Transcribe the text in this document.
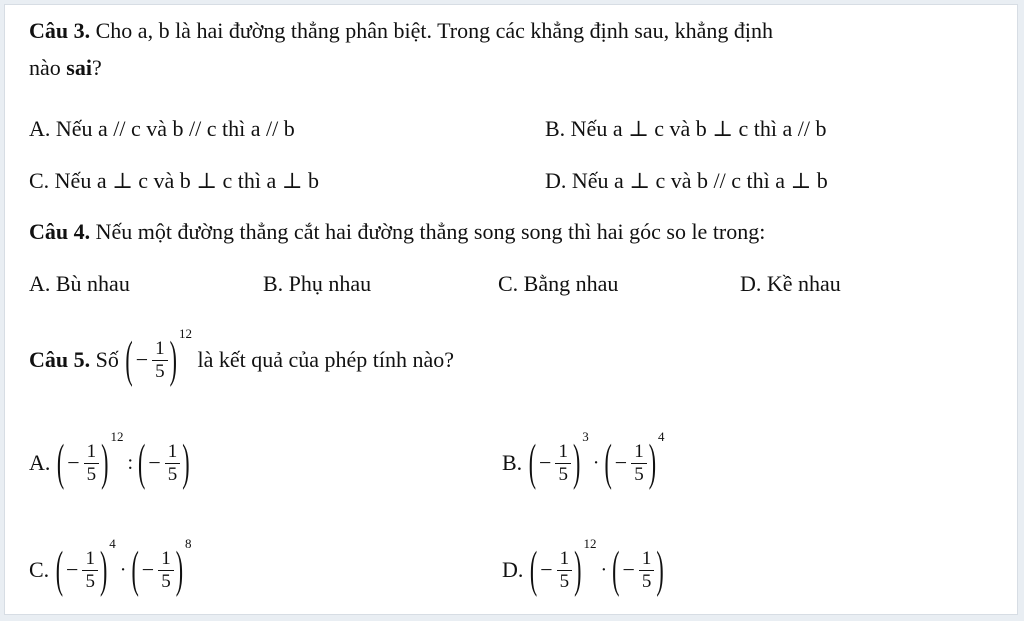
Câu 3. Cho a, b là hai đường thẳng phân biệt. Trong các khẳng định sau, khẳng định
nào sai?
A. Nếu a // c và b // c thì a // b	B. Nếu a ⊥ c và b ⊥ c thì a // b
C. Nếu a ⊥ c và b ⊥ c thì a ⊥ b	D. Nếu a ⊥ c và b // c thì a ⊥ b
Câu 4. Nếu một đường thẳng cắt hai đường thẳng song song thì hai góc so le trong:
A. Bù nhau	B. Phụ nhau	C. Bằng nhau	D. Kề nhau
Câu 5.
Số
( − $\frac{1}{5}$ ) 12

là kết quả của phép tính nào?
A.
( − $\frac{1}{5}$ ) 12
: ( − $\frac{1}{5}$ )	B.
( − $\frac{1}{5}$ ) 3
· ( − $\frac{1}{5}$ ) 4
C.
( − $\frac{1}{5}$ ) 4
· ( − $\frac{1}{5}$ ) 8
D.
( − $\frac{1}{5}$ ) 12
· ( − $\frac{1}{5}$ )
